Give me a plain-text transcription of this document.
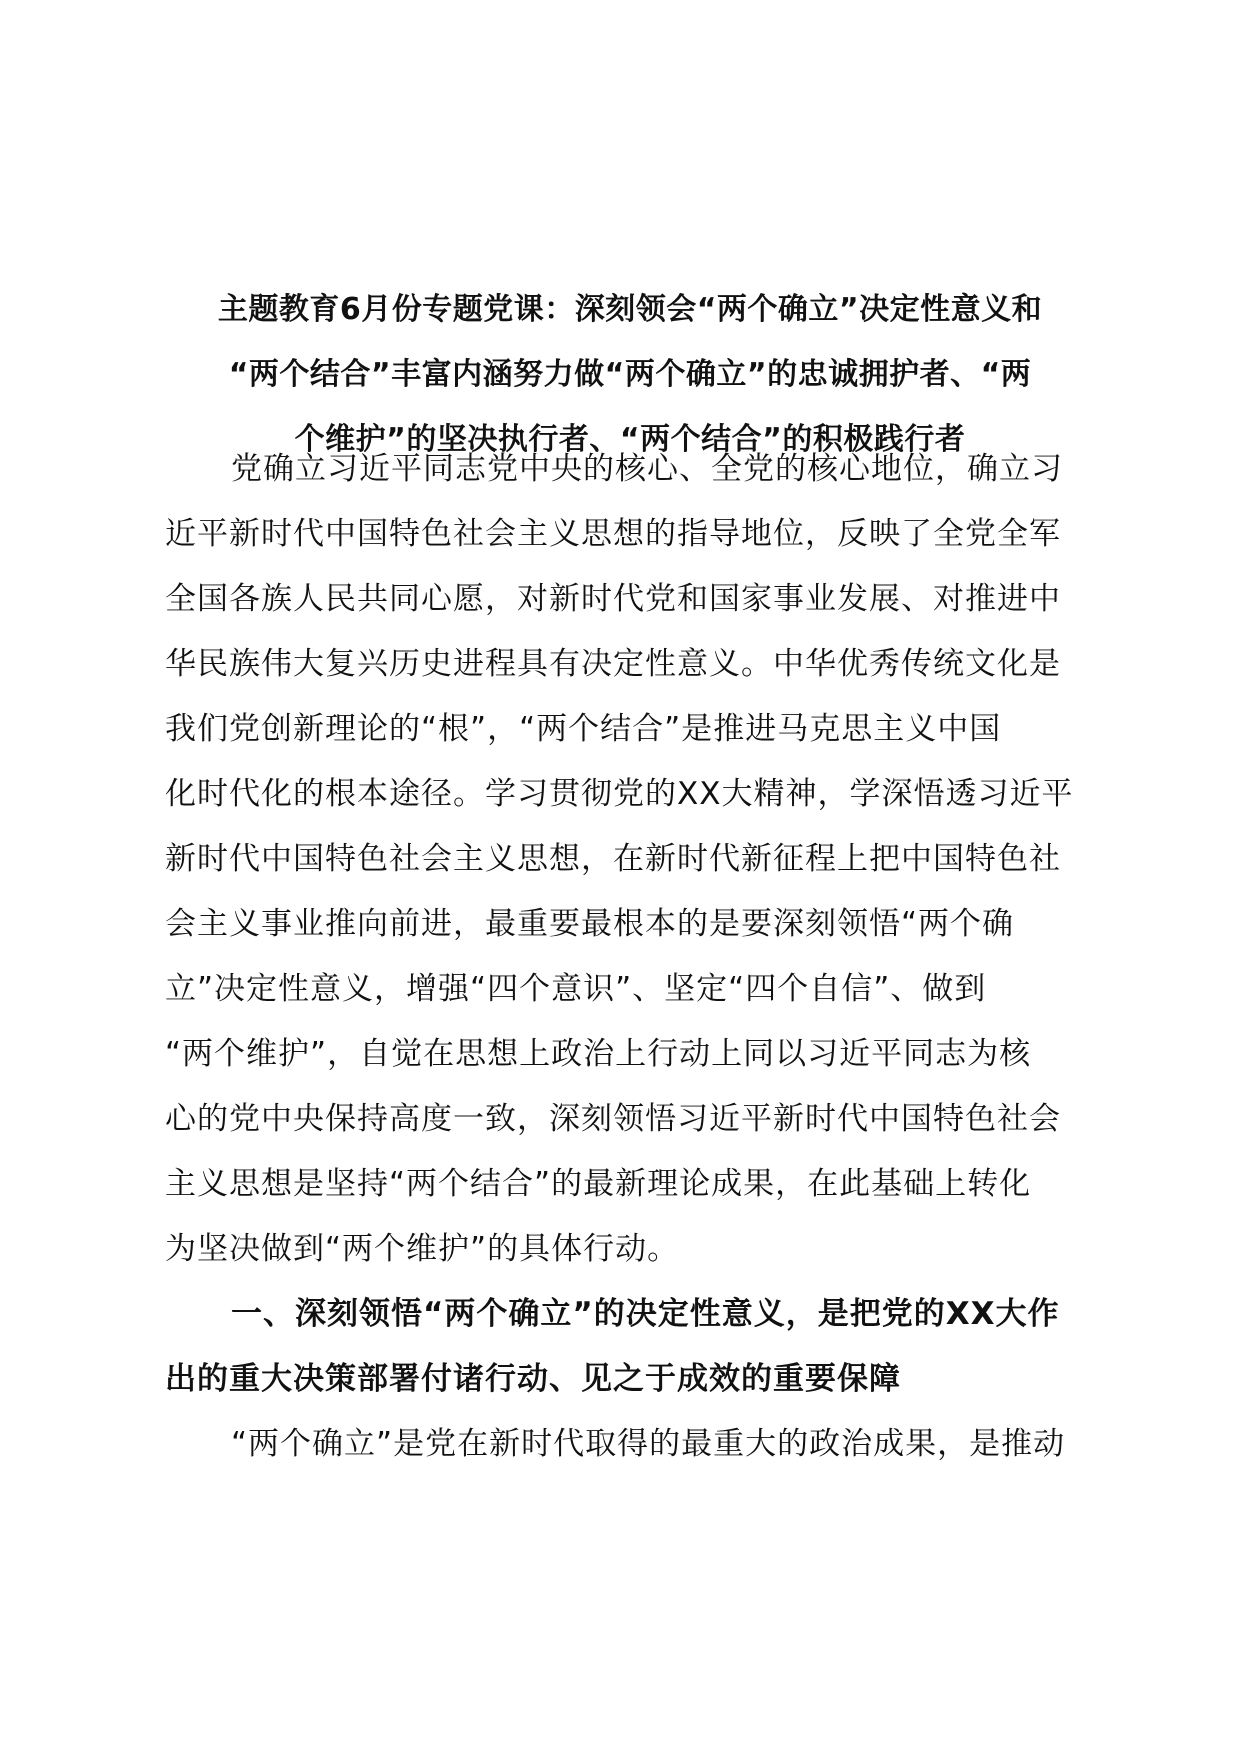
主题教育6月份专题党课：深刻领会“两个确立”决定性意义和
“两个结合”丰富内涵努力做“两个确立”的忠诚拥护者、“两
个维护”的坚决执行者、“两个结合”的积极践行者
党确立习近平同志党中央的核心、全党的核心地位，确立习
近平新时代中国特色社会主义思想的指导地位，反映了全党全军
全国各族人民共同心愿，对新时代党和国家事业发展、对推进中
华民族伟大复兴历史进程具有决定性意义。中华优秀传统文化是
我们党创新理论的“根”，“两个结合”是推进马克思主义中国
化时代化的根本途径。学习贯彻党的XX大精神，学深悟透习近平
新时代中国特色社会主义思想，在新时代新征程上把中国特色社
会主义事业推向前进，最重要最根本的是要深刻领悟“两个确
立”决定性意义，增强“四个意识”、坚定“四个自信”、做到
“两个维护”，自觉在思想上政治上行动上同以习近平同志为核
心的党中央保持高度一致，深刻领悟习近平新时代中国特色社会
主义思想是坚持“两个结合”的最新理论成果，在此基础上转化
为坚决做到“两个维护”的具体行动。
一、深刻领悟“两个确立”的决定性意义，是把党的XX大作
出的重大决策部署付诸行动、见之于成效的重要保障
“两个确立”是党在新时代取得的最重大的政治成果，是推动
